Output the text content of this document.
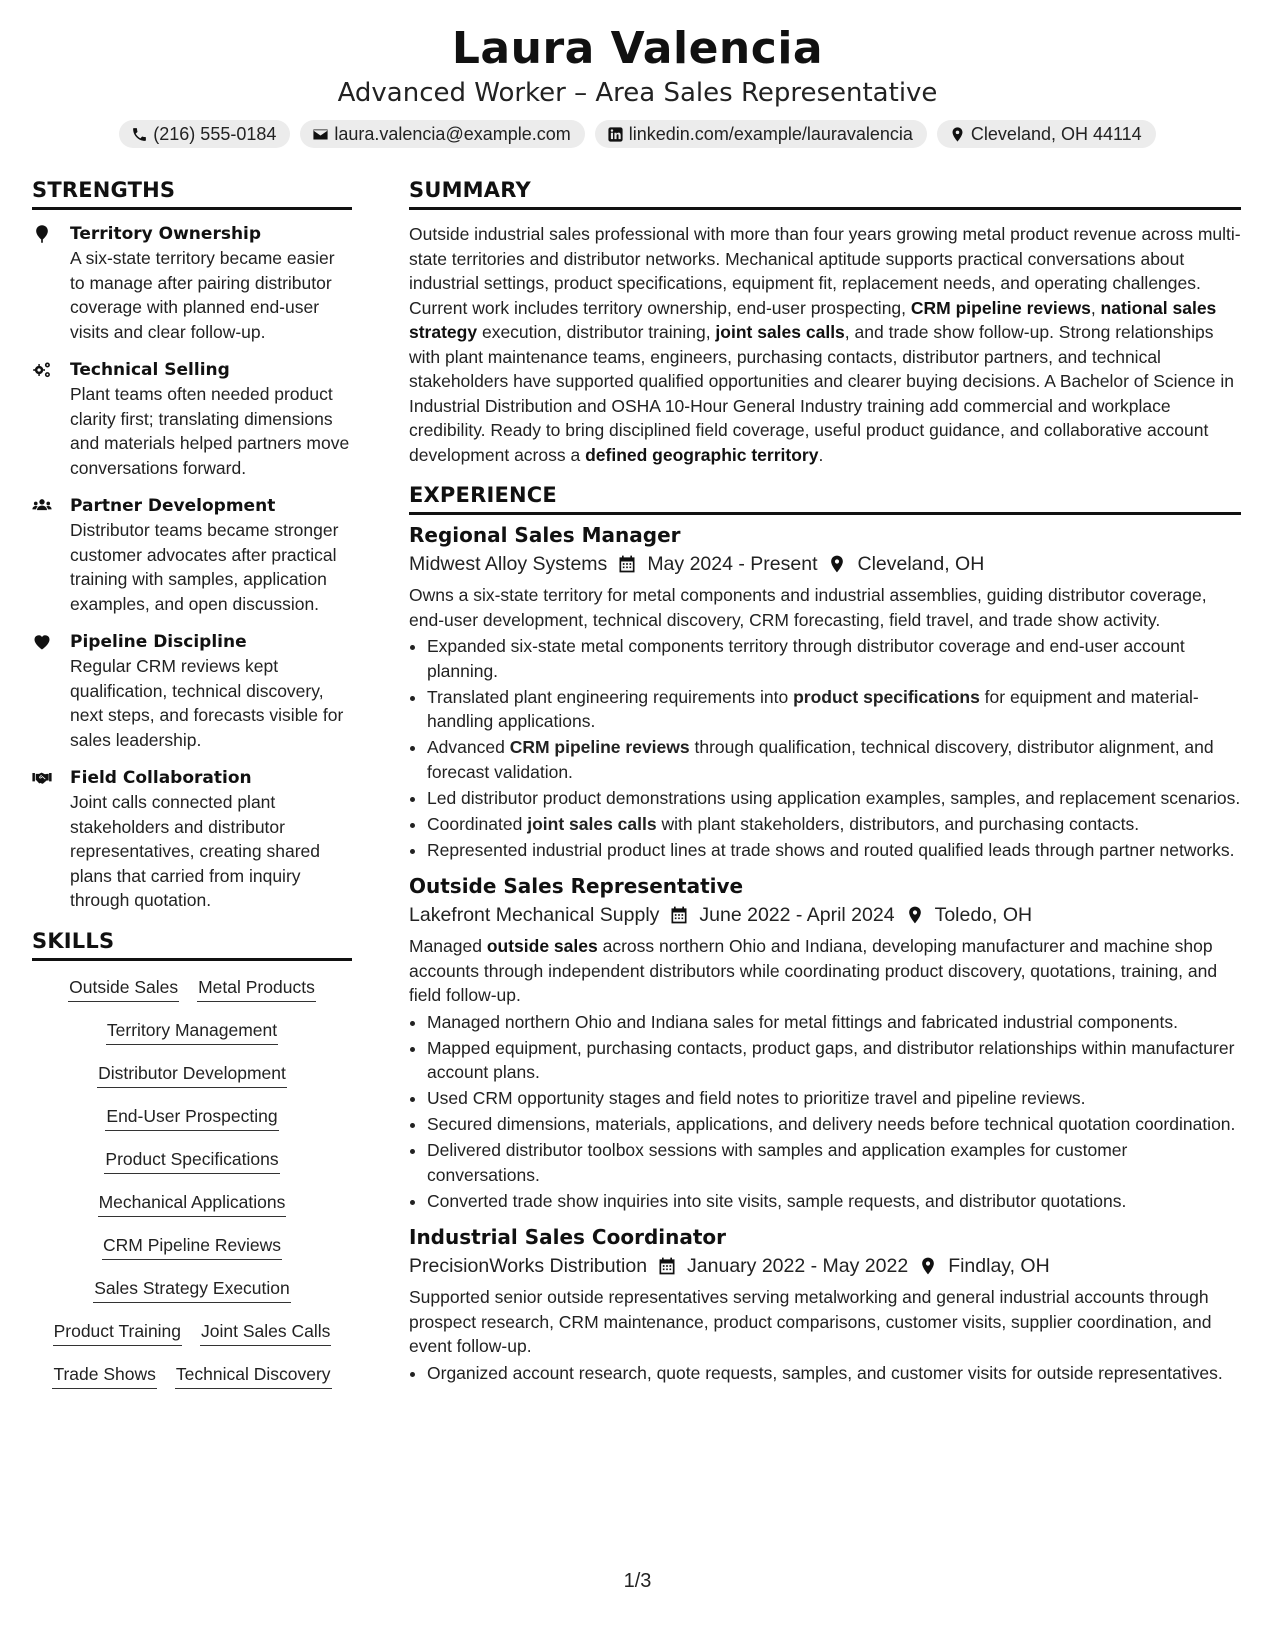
Laura Valencia
Advanced Worker – Area Sales Representative
(216) 555-0184	laura.valencia@example.com	linkedin.com/example/lauravalencia	Cleveland, OH 44114
STRENGTHS
Territory Ownership
A six-state territory became easier to manage after pairing distributor coverage with planned end-user visits and clear follow-up.
Technical Selling
Plant teams often needed product clarity first; translating dimensions and materials helped partners move conversations forward.
Partner Development
Distributor teams became stronger customer advocates after practical training with samples, application examples, and open discussion.
Pipeline Discipline
Regular CRM reviews kept qualification, technical discovery, next steps, and forecasts visible for sales leadership.
Field Collaboration
Joint calls connected plant stakeholders and distributor representatives, creating shared plans that carried from inquiry through quotation.
SKILLS
Outside Sales Metal Products
Territory Management
Distributor Development
End-User Prospecting
Product Specifications
Mechanical Applications
CRM Pipeline Reviews
Sales Strategy Execution
Product Training Joint Sales Calls
Trade Shows Technical Discovery
SUMMARY

Outside industrial sales professional with more than four years growing metal product revenue across multi-state territories and distributor networks. Mechanical aptitude supports practical conversations about industrial settings, product specifications, equipment fit, replacement needs, and operating challenges. Current work includes territory ownership, end-user prospecting, CRM pipeline reviews, national sales strategy execution, distributor training, joint sales calls, and trade show follow-up. Strong relationships with plant maintenance teams, engineers, purchasing contacts, distributor partners, and technical stakeholders have supported qualified opportunities and clearer buying decisions. A Bachelor of Science in Industrial Distribution and OSHA 10-Hour General Industry training add commercial and workplace credibility. Ready to bring disciplined field coverage, useful product guidance, and collaborative account development across a defined geographic territory.

EXPERIENCE
Regional Sales Manager
Midwest Alloy Systems May 2024 - Present Cleveland, OH

Owns a six-state territory for metal components and industrial assemblies, guiding distributor coverage, end-user development, technical discovery, CRM forecasting, field travel, and trade show activity.

• Expanded six-state metal components territory through distributor coverage and end-user account planning.
• Translated plant engineering requirements into product specifications for equipment and material-handling applications.
• Advanced CRM pipeline reviews through qualification, technical discovery, distributor alignment, and forecast validation.
• Led distributor product demonstrations using application examples, samples, and replacement scenarios.
• Coordinated joint sales calls with plant stakeholders, distributors, and purchasing contacts.
• Represented industrial product lines at trade shows and routed qualified leads through partner networks.
Outside Sales Representative
Lakefront Mechanical Supply June 2022 - April 2024 Toledo, OH

Managed outside sales across northern Ohio and Indiana, developing manufacturer and machine shop accounts through independent distributors while coordinating product discovery, quotations, training, and field follow-up.

• Managed northern Ohio and Indiana sales for metal fittings and fabricated industrial components.
• Mapped equipment, purchasing contacts, product gaps, and distributor relationships within manufacturer account plans.
• Used CRM opportunity stages and field notes to prioritize travel and pipeline reviews.
• Secured dimensions, materials, applications, and delivery needs before technical quotation coordination.
• Delivered distributor toolbox sessions with samples and application examples for customer conversations.
• Converted trade show inquiries into site visits, sample requests, and distributor quotations.
Industrial Sales Coordinator
PrecisionWorks Distribution January 2022 - May 2022 Findlay, OH

Supported senior outside representatives serving metalworking and general industrial accounts through prospect research, CRM maintenance, product comparisons, customer visits, supplier coordination, and event follow-up.

• Organized account research, quote requests, samples, and customer visits for outside representatives.
1/3
